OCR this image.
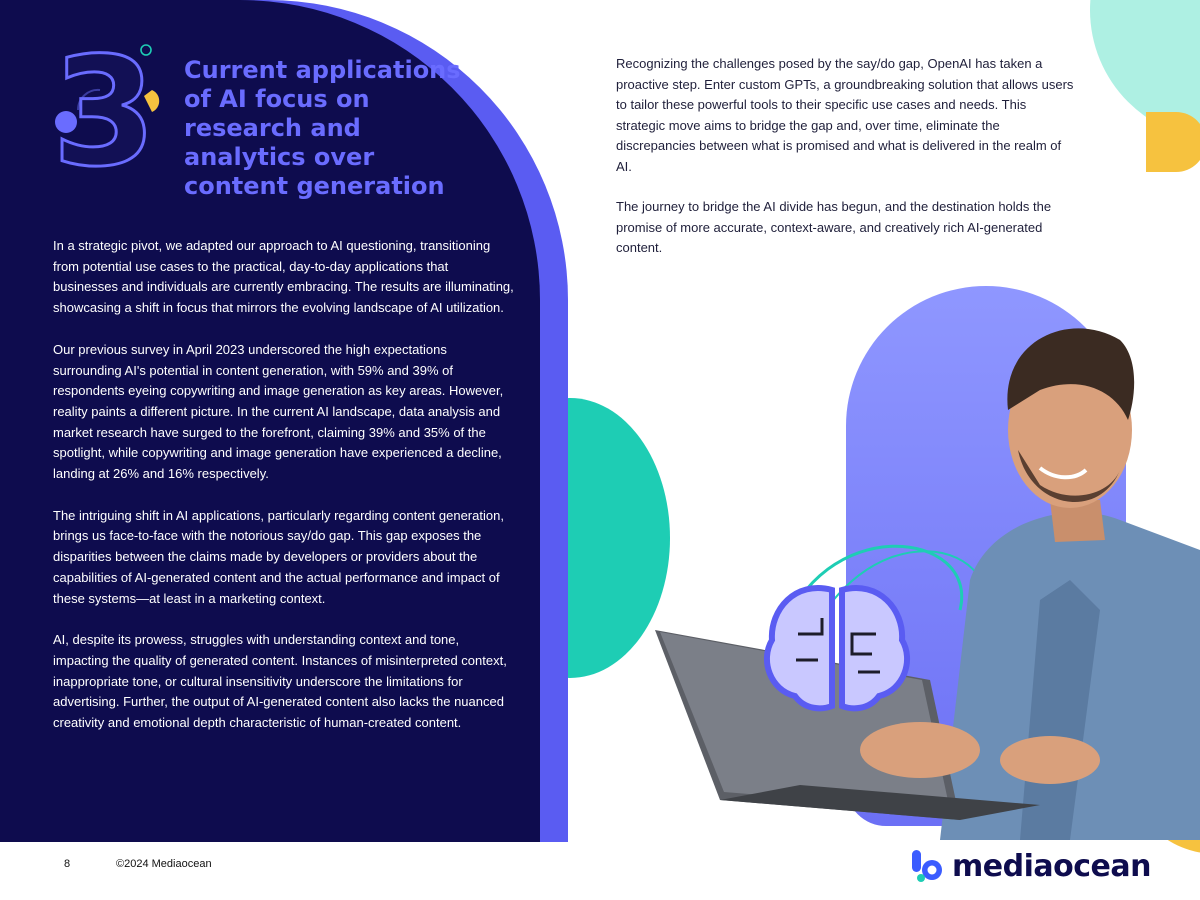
3 Current applications of AI focus on research and analytics over content generation

In a strategic pivot, we adapted our approach to AI questioning, transitioning from potential use cases to the practical, day-to-day applications that businesses and individuals are currently embracing. The results are illuminating, showcasing a shift in focus that mirrors the evolving landscape of AI utilization.

Our previous survey in April 2023 underscored the high expectations surrounding AI's potential in content generation, with 59% and 39% of respondents eyeing copywriting and image generation as key areas. However, reality paints a different picture. In the current AI landscape, data analysis and market research have surged to the forefront, claiming 39% and 35% of the spotlight, while copywriting and image generation have experienced a decline, landing at 26% and 16% respectively.

The intriguing shift in AI applications, particularly regarding content generation, brings us face-to-face with the notorious say/do gap. This gap exposes the disparities between the claims made by developers or providers about the capabilities of AI-generated content and the actual performance and impact of these systems—at least in a marketing context.

AI, despite its prowess, struggles with understanding context and tone, impacting the quality of generated content. Instances of misinterpreted context, inappropriate tone, or cultural insensitivity underscore the limitations for advertising. Further, the output of AI-generated content also lacks the nuanced creativity and emotional depth characteristic of human-created content.

Recognizing the challenges posed by the say/do gap, OpenAI has taken a proactive step. Enter custom GPTs, a groundbreaking solution that allows users to tailor these powerful tools to their specific use cases and needs. This strategic move aims to bridge the gap and, over time, eliminate the discrepancies between what is promised and what is delivered in the realm of AI.

The journey to bridge the AI divide has begun, and the destination holds the promise of more accurate, context-aware, and creatively rich AI-generated content.

8	©2024 Mediaocean	mediaocean
